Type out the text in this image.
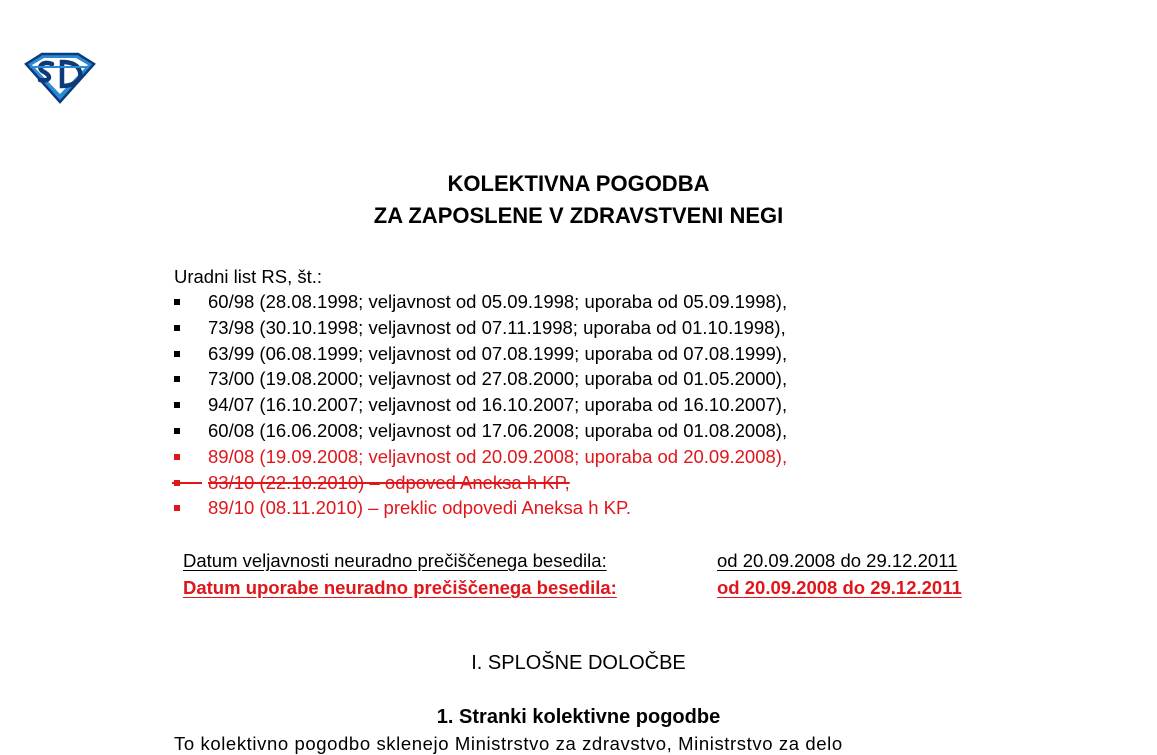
KOLEKTIVNA POGODBA
ZA ZAPOSLENE V ZDRAVSTVENI NEGI
Uradni list RS, št.:
60/98 (28.08.1998; veljavnost od 05.09.1998; uporaba od 05.09.1998),
73/98 (30.10.1998; veljavnost od 07.11.1998; uporaba od 01.10.1998),
63/99 (06.08.1999; veljavnost od 07.08.1999; uporaba od 07.08.1999),
73/00 (19.08.2000; veljavnost od 27.08.2000; uporaba od 01.05.2000),
94/07 (16.10.2007; veljavnost od 16.10.2007; uporaba od 16.10.2007),
60/08 (16.06.2008; veljavnost od 17.06.2008; uporaba od 01.08.2008),
89/08 (19.09.2008; veljavnost od 20.09.2008; uporaba od 20.09.2008),
83/10 (22.10.2010) – odpoved Aneksa h KP,
89/10 (08.11.2010) – preklic odpovedi Aneksa h KP.
Datum veljavnosti neuradno prečiščenega besedila:	od 20.09.2008 do 29.12.2011
Datum uporabe neuradno prečiščenega besedila:	od 20.09.2008 do 29.12.2011
I. SPLOŠNE DOLOČBE
1. Stranki kolektivne pogodbe
To kolektivno pogodbo sklenejo Ministrstvo za zdravstvo, Ministrstvo za delo
